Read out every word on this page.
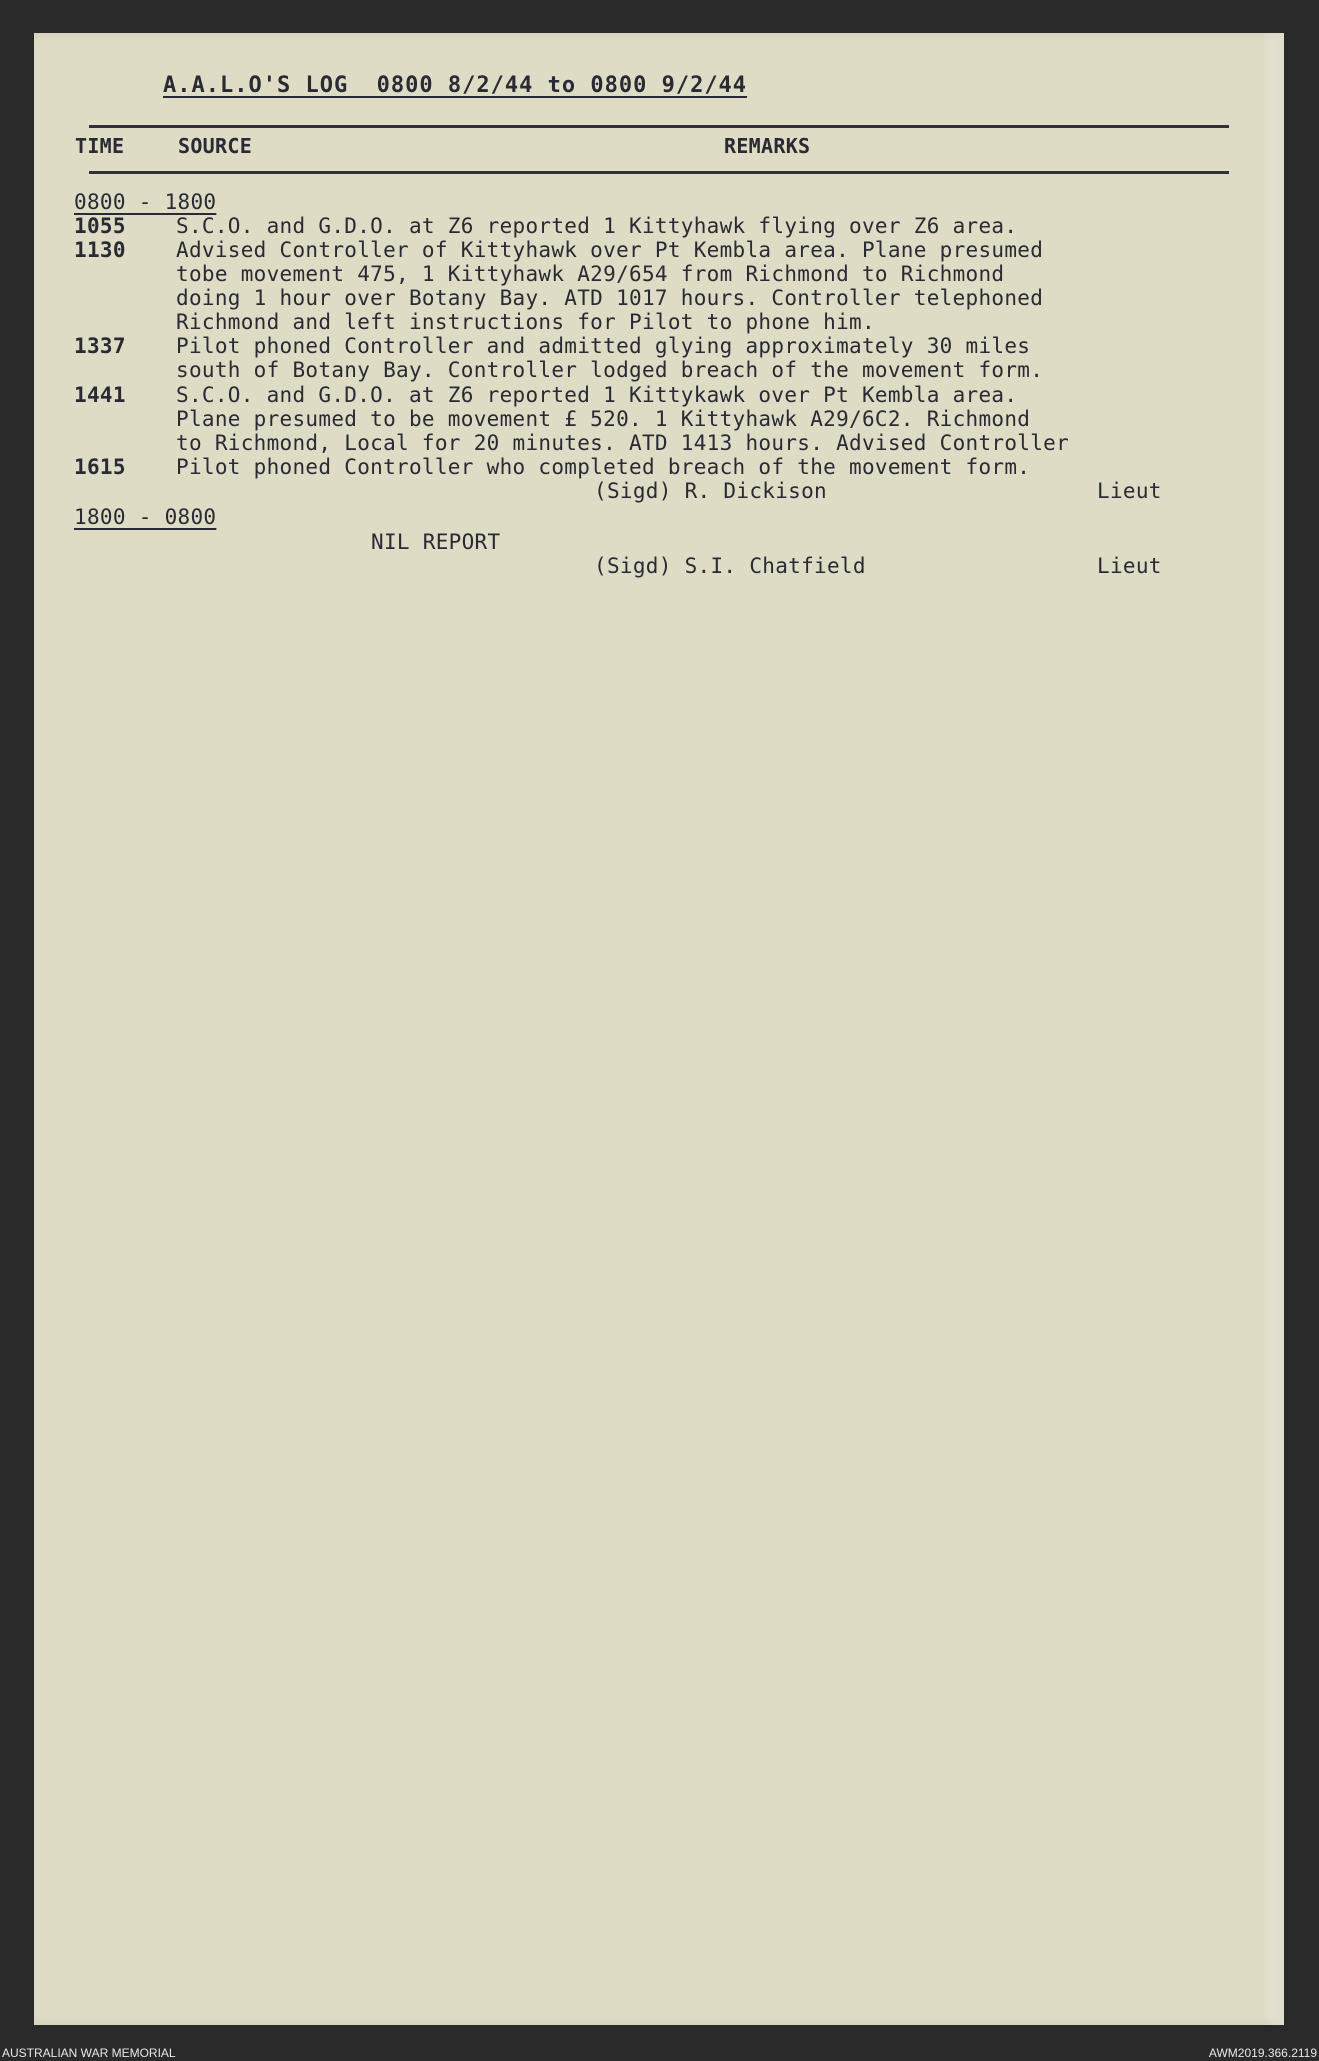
A.A.L.O'S LOG  0800 8/2/44 to 0800 9/2/44
TIME	SOURCE	REMARKS
0800 - 1800
1055 S.C.O. and G.D.O. at Z6 reported 1 Kittyhawk flying over Z6 area.
1130 Advised Controller of Kittyhawk over Pt Kembla area. Plane presumed
tobe movement 475, 1 Kittyhawk A29/654 from Richmond to Richmond
doing 1 hour over Botany Bay. ATD 1017 hours. Controller telephoned
Richmond and left instructions for Pilot to phone him.
1337 Pilot phoned Controller and admitted glying approximately 30 miles
south of Botany Bay. Controller lodged breach of the movement form.
1441 S.C.O. and G.D.O. at Z6 reported 1 Kittykawk over Pt Kembla area.
Plane presumed to be movement £ 520. 1 Kittyhawk A29/6C2. Richmond
to Richmond, Local for 20 minutes. ATD 1413 hours. Advised Controller
1615 Pilot phoned Controller who completed breach of the movement form.
(Sigd) R. Dickison	Lieut
1800 - 0800
NIL REPORT
(Sigd) S.I. Chatfield	Lieut
AUSTRALIAN WAR MEMORIAL	AWM2019.366.2119
